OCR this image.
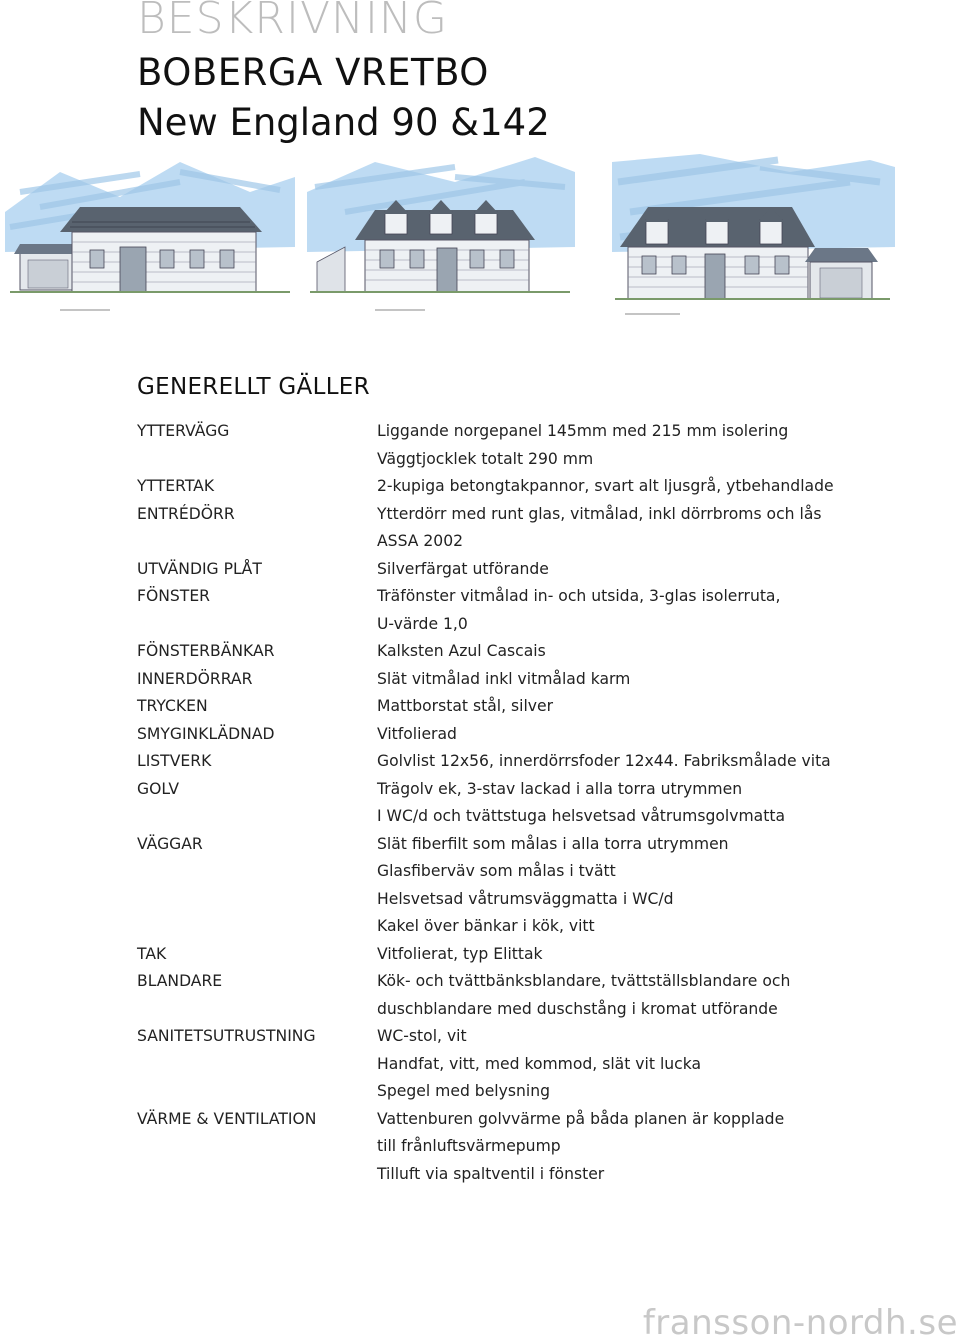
BESKRIVNING
BOBERGA VRETBO
New England 90 &142
GENERELLT GÄLLER
YTTERVÄGG	Liggande norgepanel 145mm med 215 mm isolering
Väggtjocklek totalt 290 mm
YTTERTAK	2-kupiga betongtakpannor, svart alt ljusgrå, ytbehandlade
ENTRÉDÖRR	Ytterdörr med runt glas, vitmålad, inkl dörrbroms och lås
ASSA 2002
UTVÄNDIG PLÅT	Silverfärgat utförande
FÖNSTER	Träfönster vitmålad in- och utsida, 3-glas isolerruta,
U-värde 1,0
FÖNSTERBÄNKAR	Kalksten Azul Cascais
INNERDÖRRAR	Slät vitmålad inkl vitmålad karm
TRYCKEN	Mattborstat stål, silver
SMYGINKLÄDNAD	Vitfolierad
LISTVERK	Golvlist 12x56, innerdörrsfoder 12x44. Fabriksmålade vita
GOLV	Trägolv ek, 3-stav lackad i alla torra utrymmen
I WC/d och tvättstuga helsvetsad våtrumsgolvmatta
VÄGGAR	Slät fiberfilt som målas i alla torra utrymmen
Glasfiberväv som målas i tvätt
Helsvetsad våtrumsväggmatta i WC/d
Kakel över bänkar i kök, vitt
TAK	Vitfolierat, typ Elittak
BLANDARE	Kök- och tvättbänksblandare, tvättställsblandare och
duschblandare med duschstång i kromat utförande
SANITETSUTRUSTNING	WC-stol, vit
Handfat, vitt, med kommod, slät vit lucka
Spegel med belysning
VÄRME & VENTILATION	Vattenburen golvvärme på båda planen är kopplade
till frånluftsvärmepump
Tilluft via spaltventil i fönster
fransson-nordh.se
